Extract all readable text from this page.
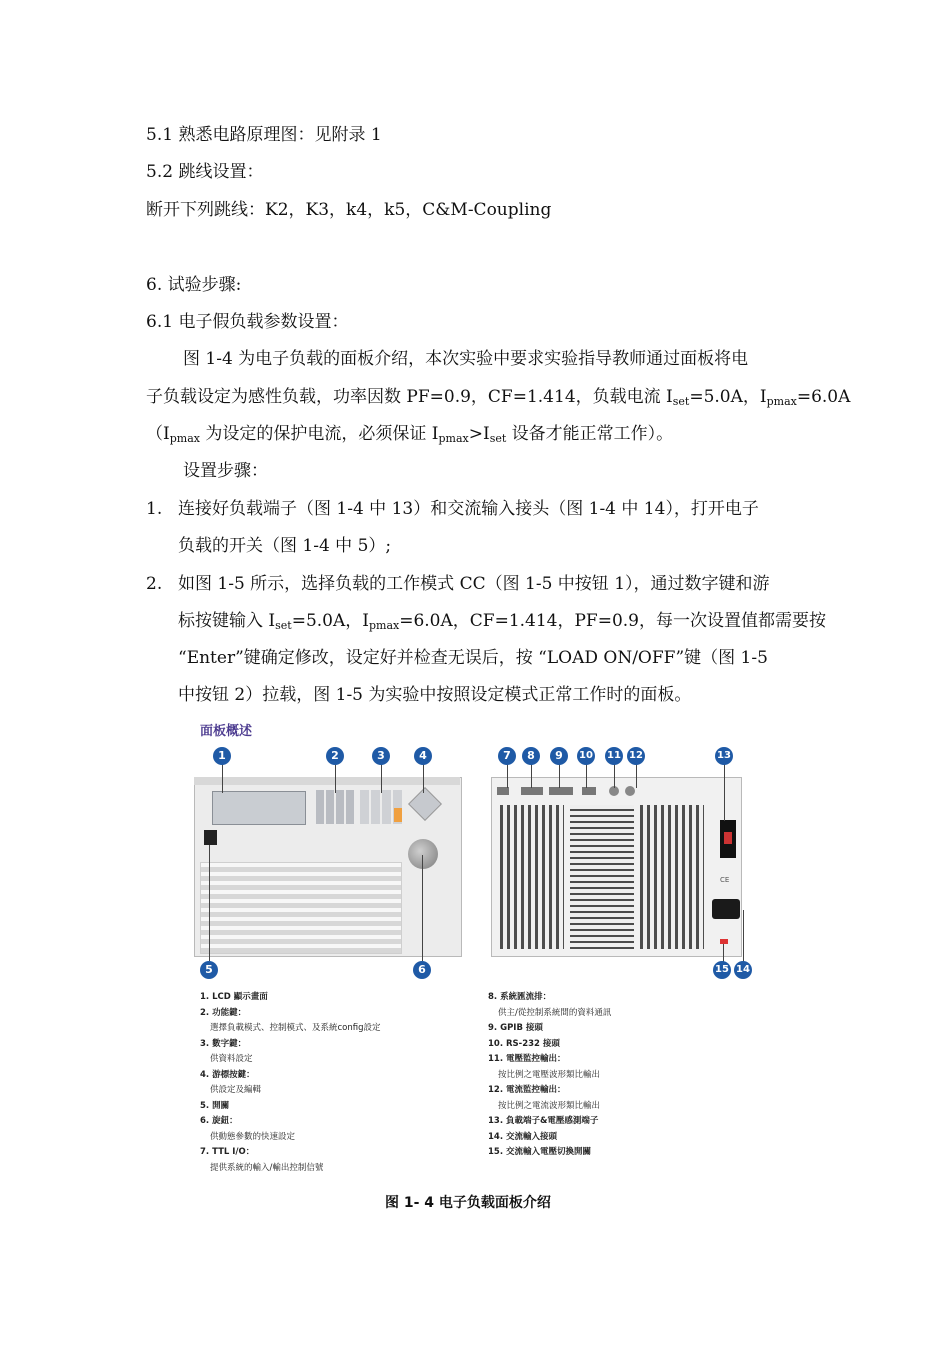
5.1 熟悉电路原理图：见附录 1
5.2 跳线设置：
断开下列跳线：K2，K3，k4，k5，C&M-Coupling
6. 试验步骤:
6.1 电子假负载参数设置：
图 1-4 为电子负载的面板介绍，本次实验中要求实验指导教师通过面板将电
子负载设定为感性负载，功率因数 PF=0.9，CF=1.414，负载电流 $I_{set}=5.0A$，$I_{pmax}=6.0A$
（$I_{pmax}$ 为设定的保护电流，必须保证 $I_{pmax}>I_{set}$ 设备才能正常工作）。
设置步骤：
1. 连接好负载端子（图 1-4 中 13）和交流输入接头（图 1-4 中 14），打开电子
负载的开关（图 1-4 中 5）;
2. 如图 1-5 所示，选择负载的工作模式 CC（图 1-5 中按钮 1），通过数字键和游
标按键输入 $I_{set}=5.0A$，$I_{pmax}=6.0A$，CF=1.414，PF=0.9，每一次设置值都需要按
“Enter”键确定修改，设定好并检查无误后，按 “LOAD ON/OFF”键（图 1-5
中按钮 2）拉载，图 1-5 为实验中按照设定模式正常工作时的面板。
面板概述
CE
1	2	3	4
5	6
7	8	9	10 11 12	13
14
15
1. LCD 顯示畫面
2. 功能鍵：
選擇負載模式、控制模式、及系統config設定
3. 數字鍵：
供資料設定
4. 游標按鍵：
供設定及編輯
5. 開關
6. 旋鈕：
供動態參數的快速設定
7. TTL I/O：
提供系統的輸入/輸出控制信號
8. 系統匯流排：
供主/從控制系統間的資料通訊
9. GPIB 接頭
10. RS-232 接頭
11. 電壓監控輸出：
按比例之電壓波形類比輸出
12. 電流監控輸出：
按比例之電流波形類比輸出
13. 負載端子&電壓感測端子
14. 交流輸入接頭
15. 交流輸入電壓切換開關
图 1- 4 电子负载面板介绍
